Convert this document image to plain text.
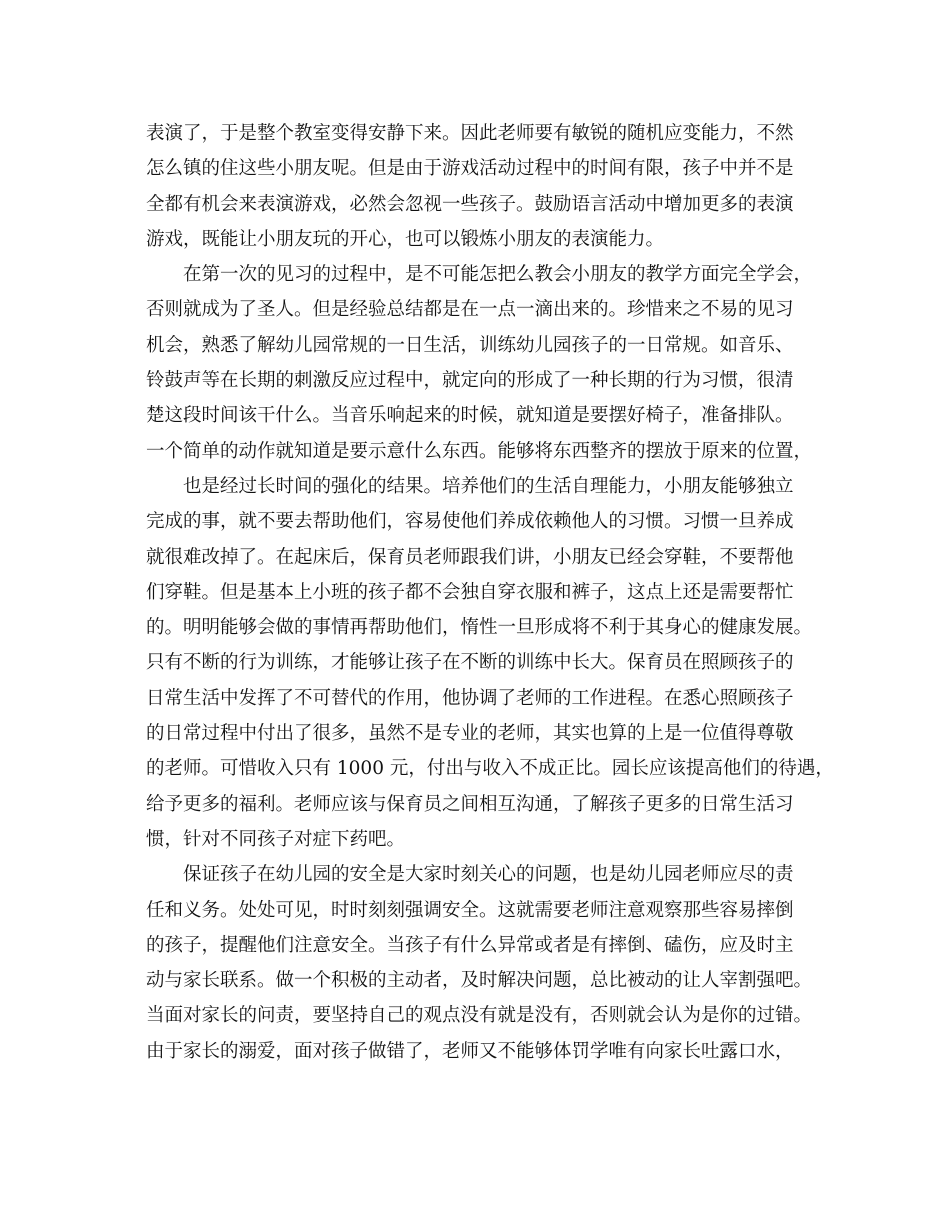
表演了，于是整个教室变得安静下来。因此老师要有敏锐的随机应变能力，不然
怎么镇的住这些小朋友呢。但是由于游戏活动过程中的时间有限，孩子中并不是
全都有机会来表演游戏，必然会忽视一些孩子。鼓励语言活动中增加更多的表演
游戏，既能让小朋友玩的开心，也可以锻炼小朋友的表演能力。
在第一次的见习的过程中，是不可能怎把么教会小朋友的教学方面完全学会，
否则就成为了圣人。但是经验总结都是在一点一滴出来的。珍惜来之不易的见习
机会，熟悉了解幼儿园常规的一日生活，训练幼儿园孩子的一日常规。如音乐、
铃鼓声等在长期的刺激反应过程中，就定向的形成了一种长期的行为习惯，很清
楚这段时间该干什么。当音乐响起来的时候，就知道是要摆好椅子，准备排队。
一个简单的动作就知道是要示意什么东西。能够将东西整齐的摆放于原来的位置，
也是经过长时间的强化的结果。培养他们的生活自理能力，小朋友能够独立
完成的事，就不要去帮助他们，容易使他们养成依赖他人的习惯。习惯一旦养成
就很难改掉了。在起床后，保育员老师跟我们讲，小朋友已经会穿鞋，不要帮他
们穿鞋。但是基本上小班的孩子都不会独自穿衣服和裤子，这点上还是需要帮忙
的。明明能够会做的事情再帮助他们，惰性一旦形成将不利于其身心的健康发展。
只有不断的行为训练，才能够让孩子在不断的训练中长大。保育员在照顾孩子的
日常生活中发挥了不可替代的作用，他协调了老师的工作进程。在悉心照顾孩子
的日常过程中付出了很多，虽然不是专业的老师，其实也算的上是一位值得尊敬
的老师。可惜收入只有 1000 元，付出与收入不成正比。园长应该提高他们的待遇，
给予更多的福利。老师应该与保育员之间相互沟通，了解孩子更多的日常生活习
惯，针对不同孩子对症下药吧。
保证孩子在幼儿园的安全是大家时刻关心的问题，也是幼儿园老师应尽的责
任和义务。处处可见，时时刻刻强调安全。这就需要老师注意观察那些容易摔倒
的孩子，提醒他们注意安全。当孩子有什么异常或者是有摔倒、磕伤，应及时主
动与家长联系。做一个积极的主动者，及时解决问题，总比被动的让人宰割强吧。
当面对家长的问责，要坚持自己的观点没有就是没有，否则就会认为是你的过错。
由于家长的溺爱，面对孩子做错了，老师又不能够体罚学唯有向家长吐露口水，
